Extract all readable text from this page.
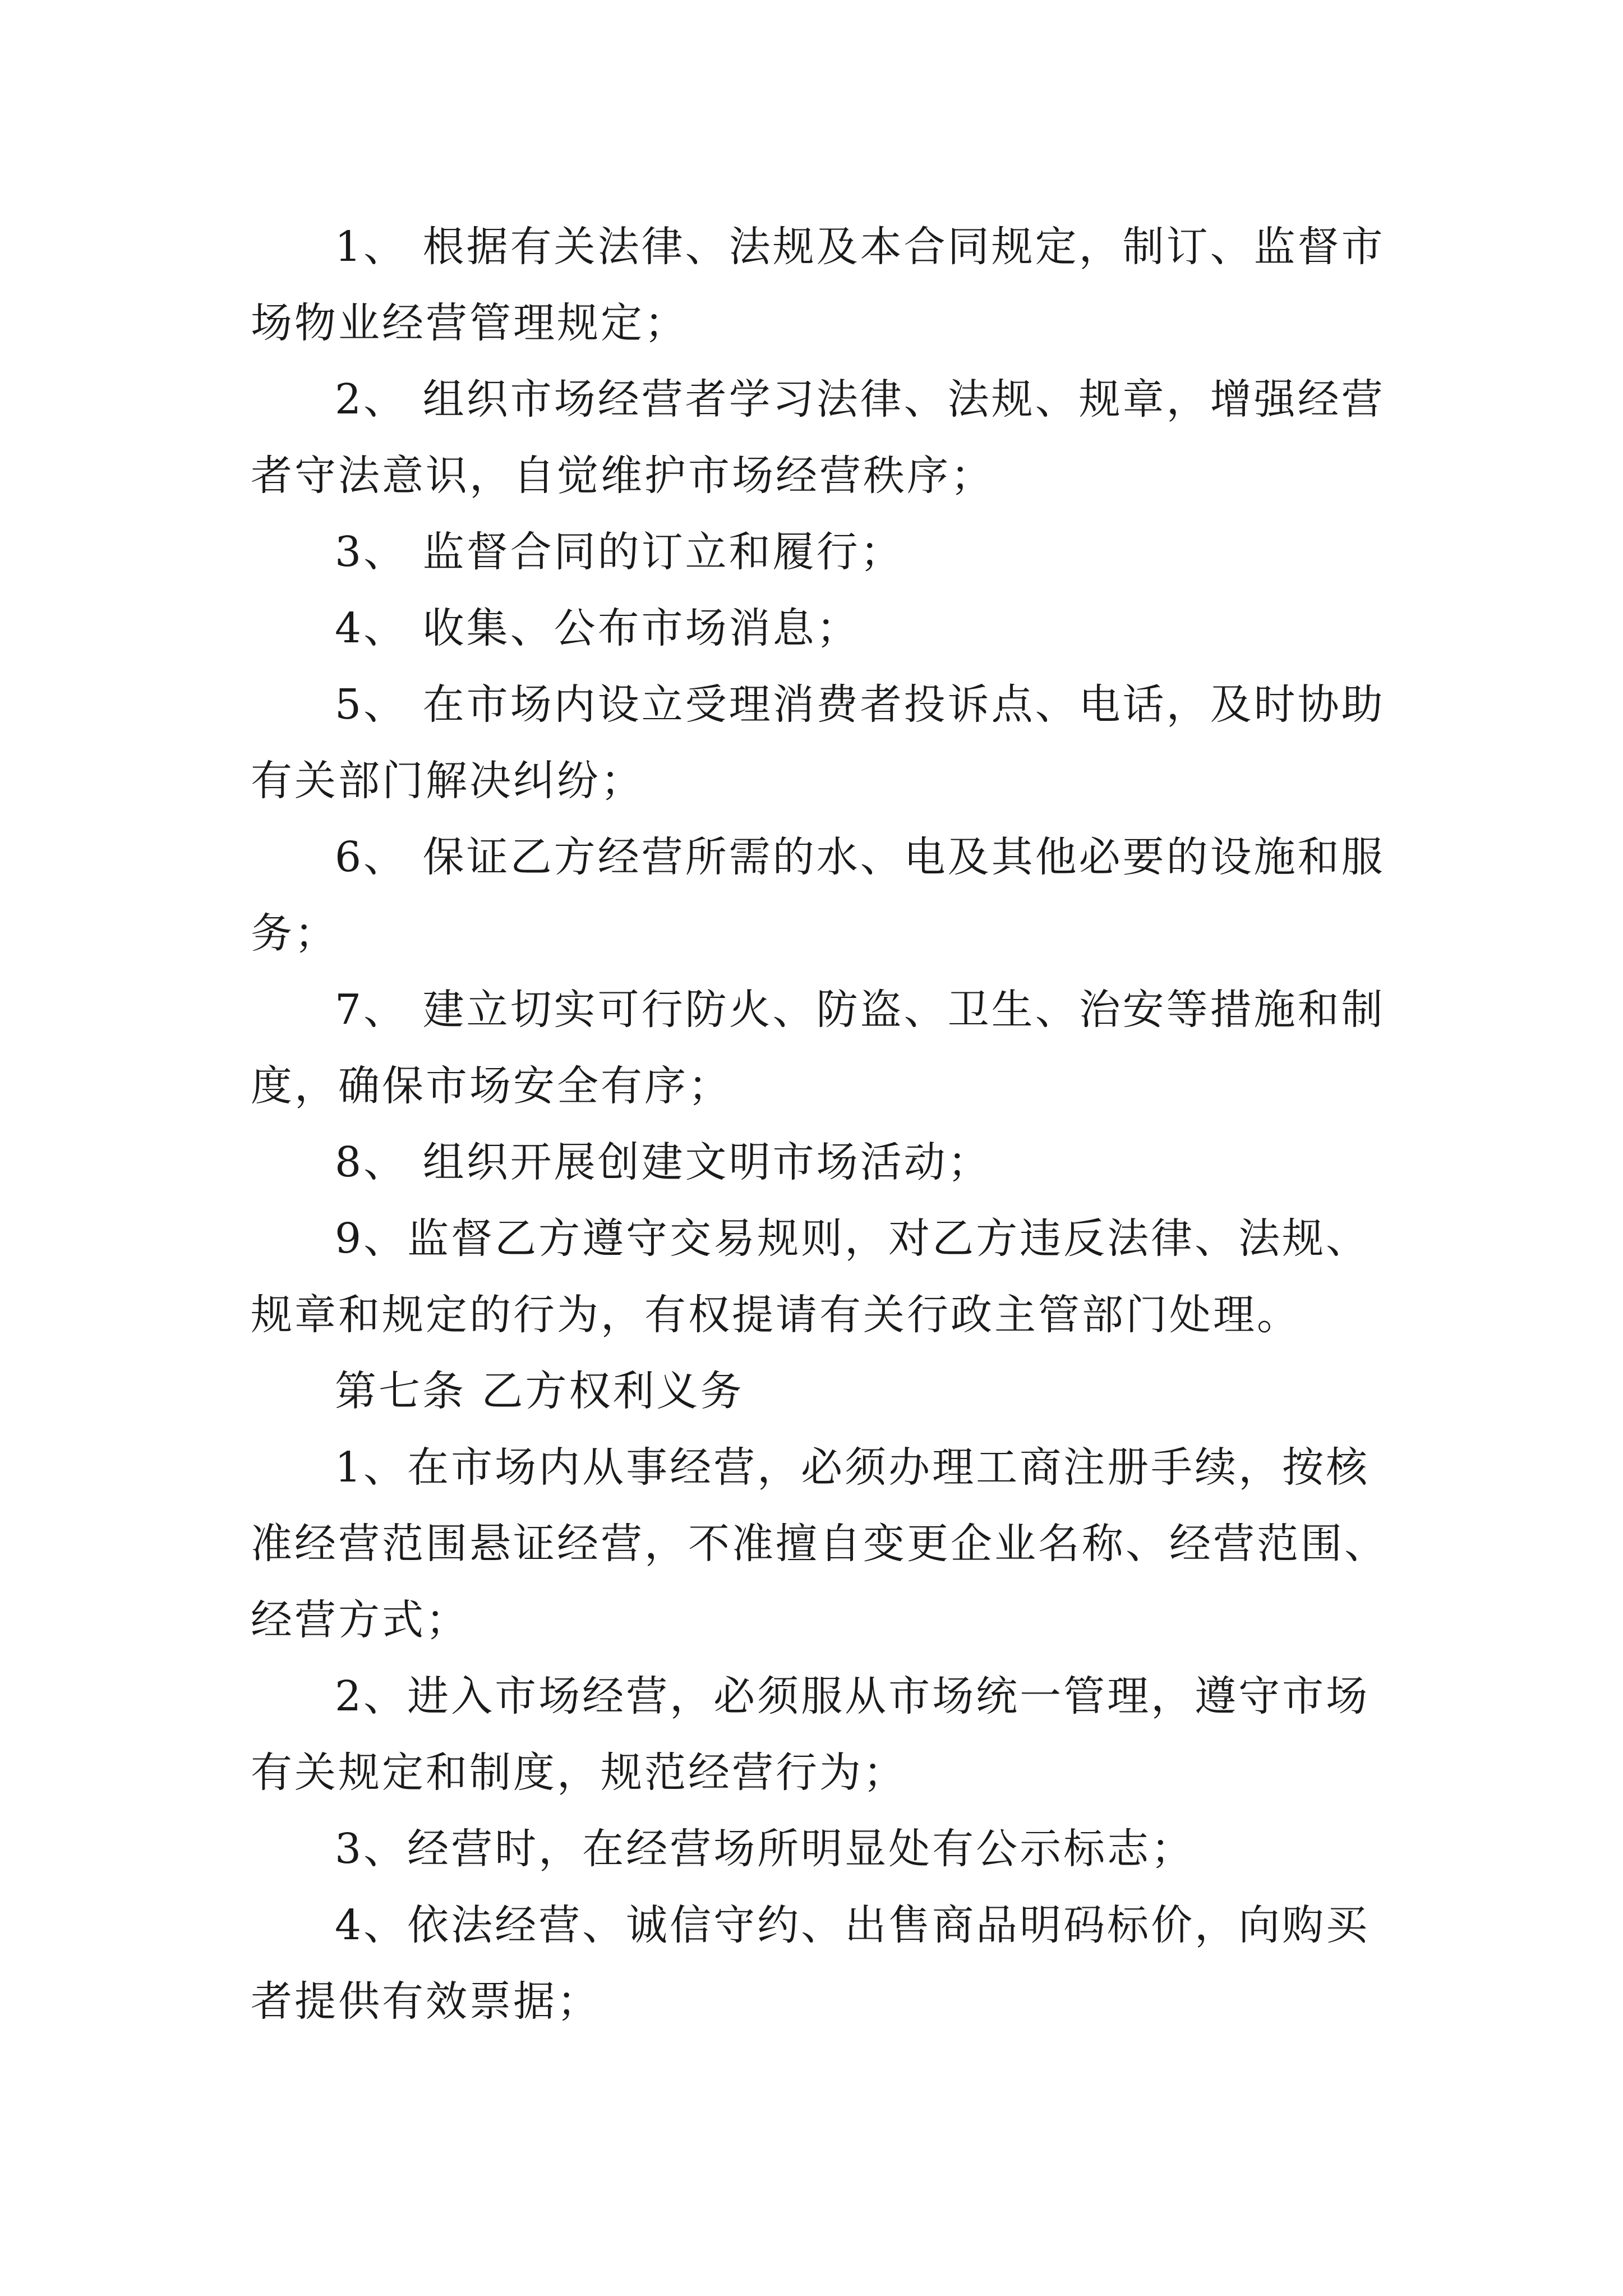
1、 根据有关法律、法规及本合同规定，制订、监督市
场物业经营管理规定；
2、 组织市场经营者学习法律、法规、规章，增强经营
者守法意识，自觉维护市场经营秩序；
3、 监督合同的订立和履行；
4、 收集、公布市场消息；
5、 在市场内设立受理消费者投诉点、电话，及时协助
有关部门解决纠纷；
6、 保证乙方经营所需的水、电及其他必要的设施和服
务；
7、 建立切实可行防火、防盗、卫生、治安等措施和制
度，确保市场安全有序；
8、 组织开展创建文明市场活动；
9、监督乙方遵守交易规则，对乙方违反法律、法规、
规章和规定的行为，有权提请有关行政主管部门处理。
第七条 乙方权利义务
1、在市场内从事经营，必须办理工商注册手续，按核
准经营范围悬证经营，不准擅自变更企业名称、经营范围、
经营方式；
2、进入市场经营，必须服从市场统一管理，遵守市场
有关规定和制度，规范经营行为；
3、经营时，在经营场所明显处有公示标志；
4、依法经营、诚信守约、出售商品明码标价，向购买
者提供有效票据；
